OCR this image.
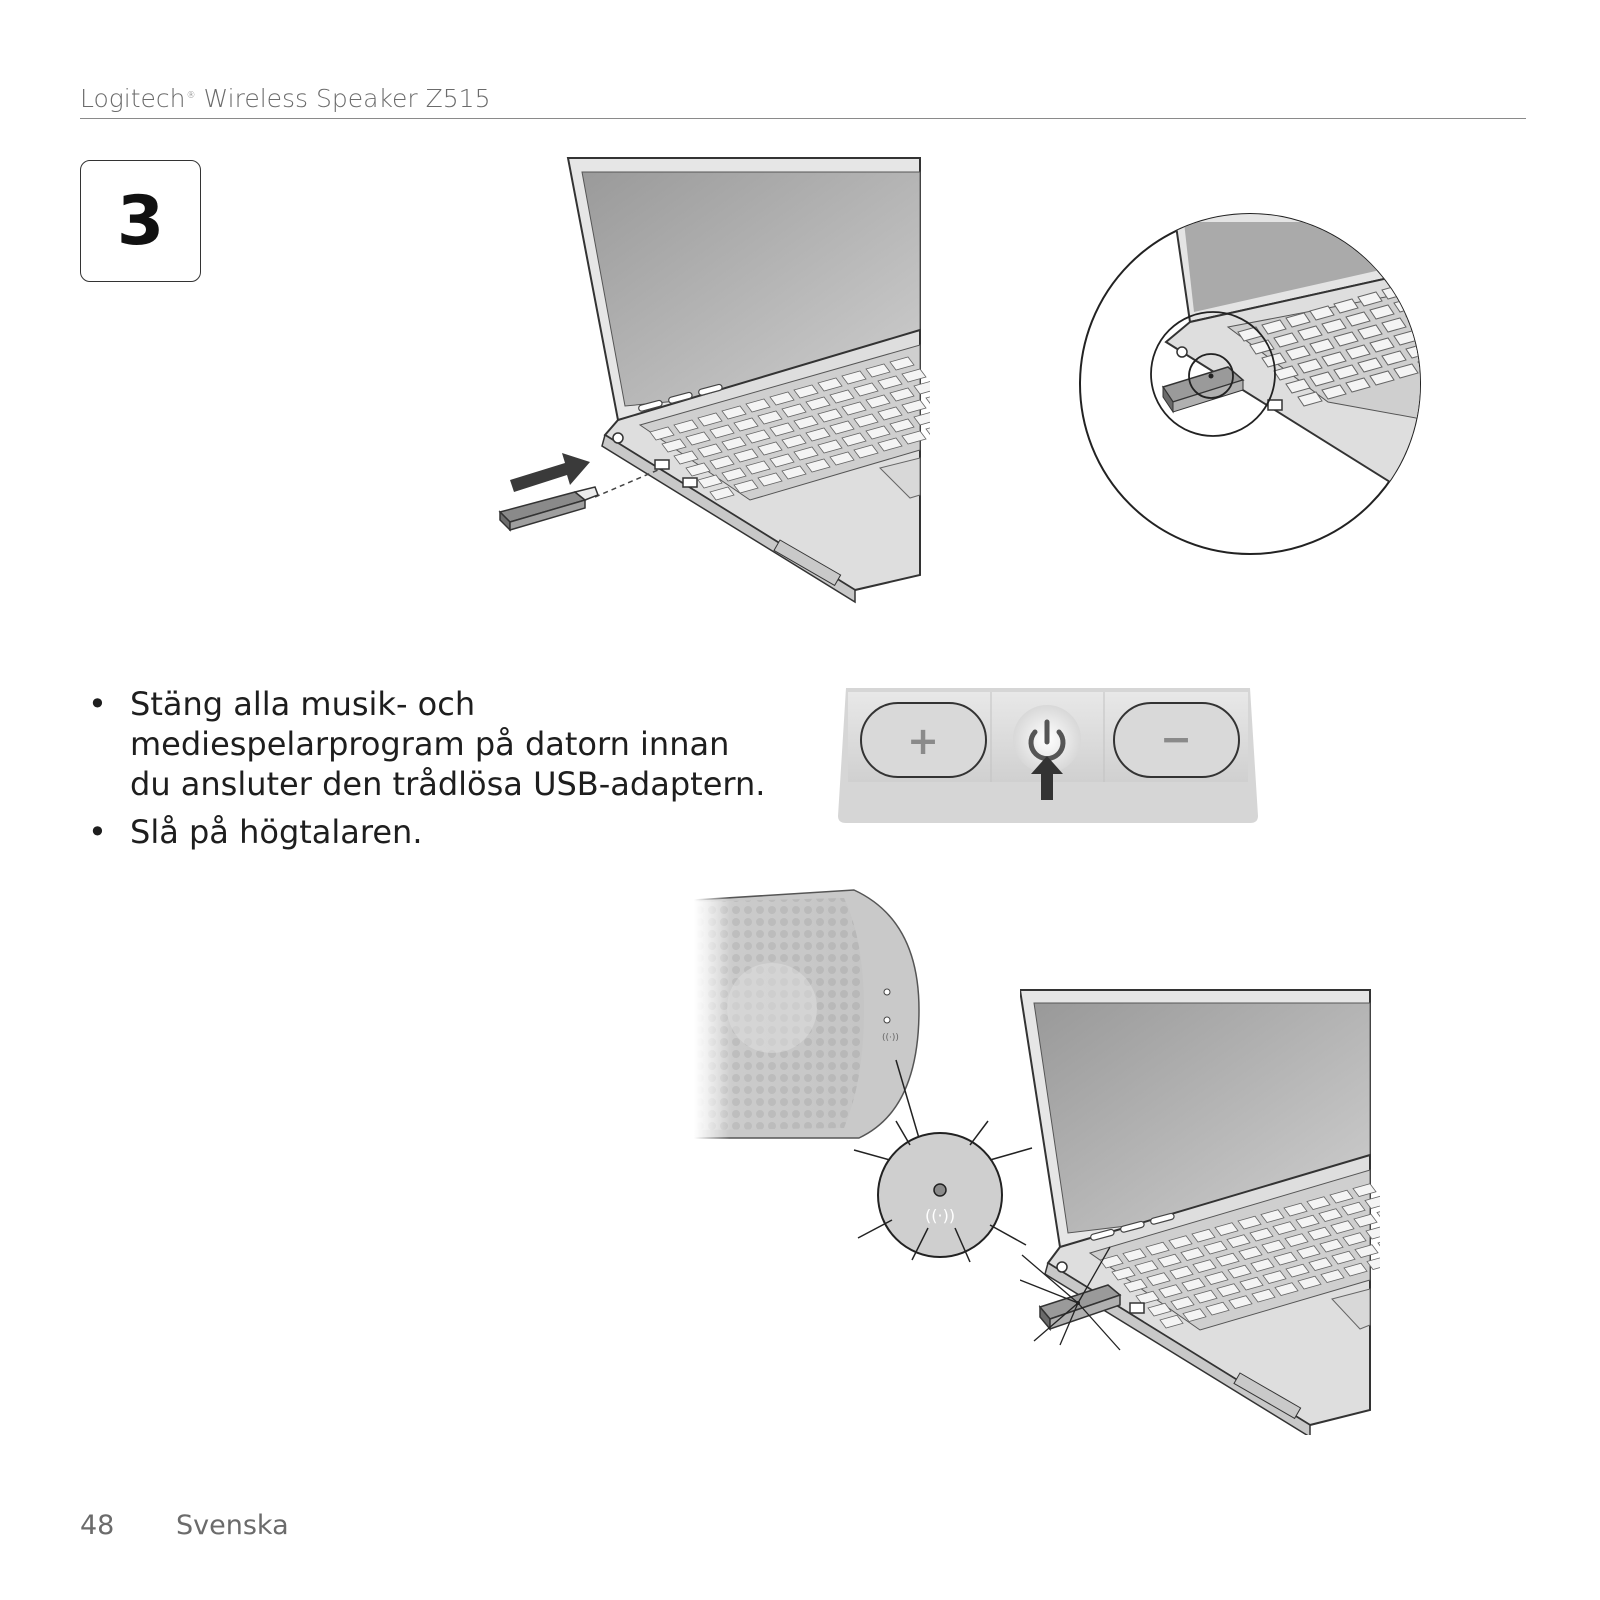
Logitech® Wireless Speaker Z515
3
• Stäng alla musik- och mediespelarprogram på datorn innan du ansluter den trådlösa USB-adaptern.
• Slå på högtalaren.
+	−
((·))
((·))
48 Svenska
